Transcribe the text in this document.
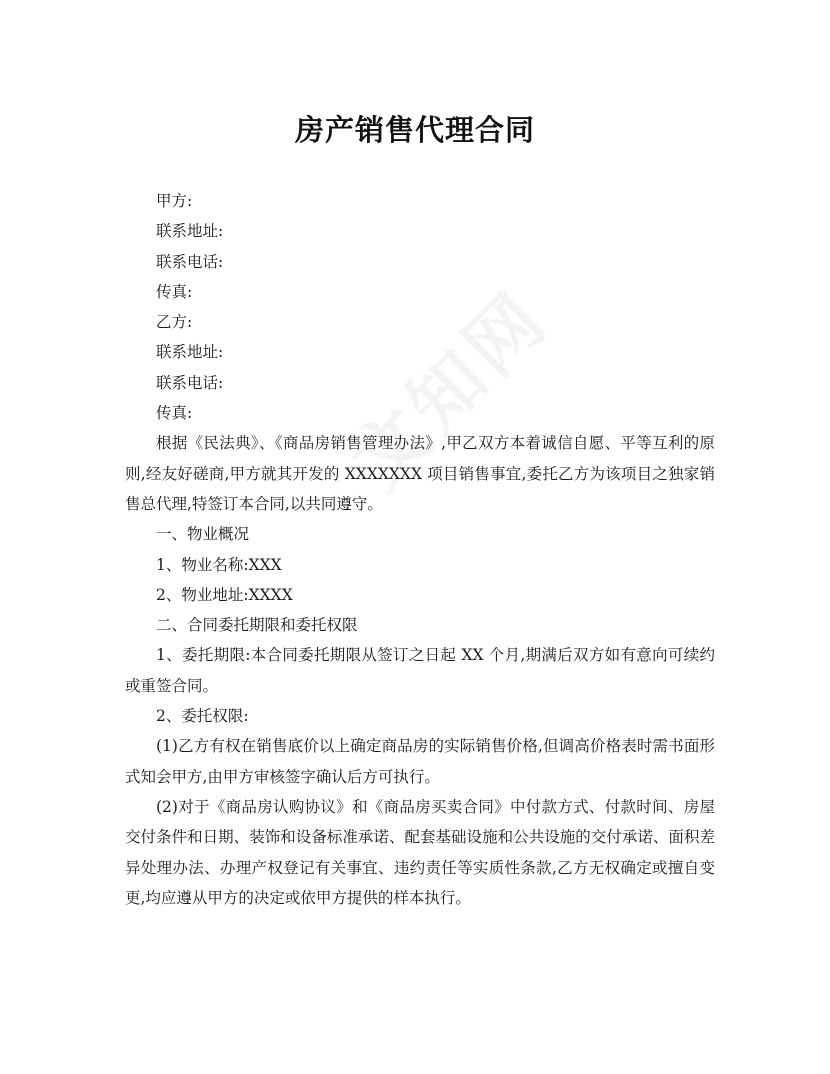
房产销售代理合同
甲方:
联系地址:
联系电话:
传真:
乙方:
联系地址:
联系电话:
传真:
根据《民法典》、《商品房销售管理办法》,甲乙双方本着诚信自愿、平等互利的原则,经友好磋商,甲方就其开发的 XXXXXXX 项目销售事宜,委托乙方为该项目之独家销售总代理,特签订本合同,以共同遵守。
一、物业概况
1、物业名称:XXX
2、物业地址:XXXX
二、合同委托期限和委托权限
1、委托期限:本合同委托期限从签订之日起 XX 个月,期满后双方如有意向可续约或重签合同。
2、委托权限:
(1)乙方有权在销售底价以上确定商品房的实际销售价格,但调高价格表时需书面形式知会甲方,由甲方审核签字确认后方可执行。
(2)对于《商品房认购协议》和《商品房买卖合同》中付款方式、付款时间、房屋交付条件和日期、装饰和设备标准承诺、配套基础设施和公共设施的交付承诺、面积差异处理办法、办理产权登记有关事宜、违约责任等实质性条款,乙方无权确定或擅自变更,均应遵从甲方的决定或依甲方提供的样本执行。
